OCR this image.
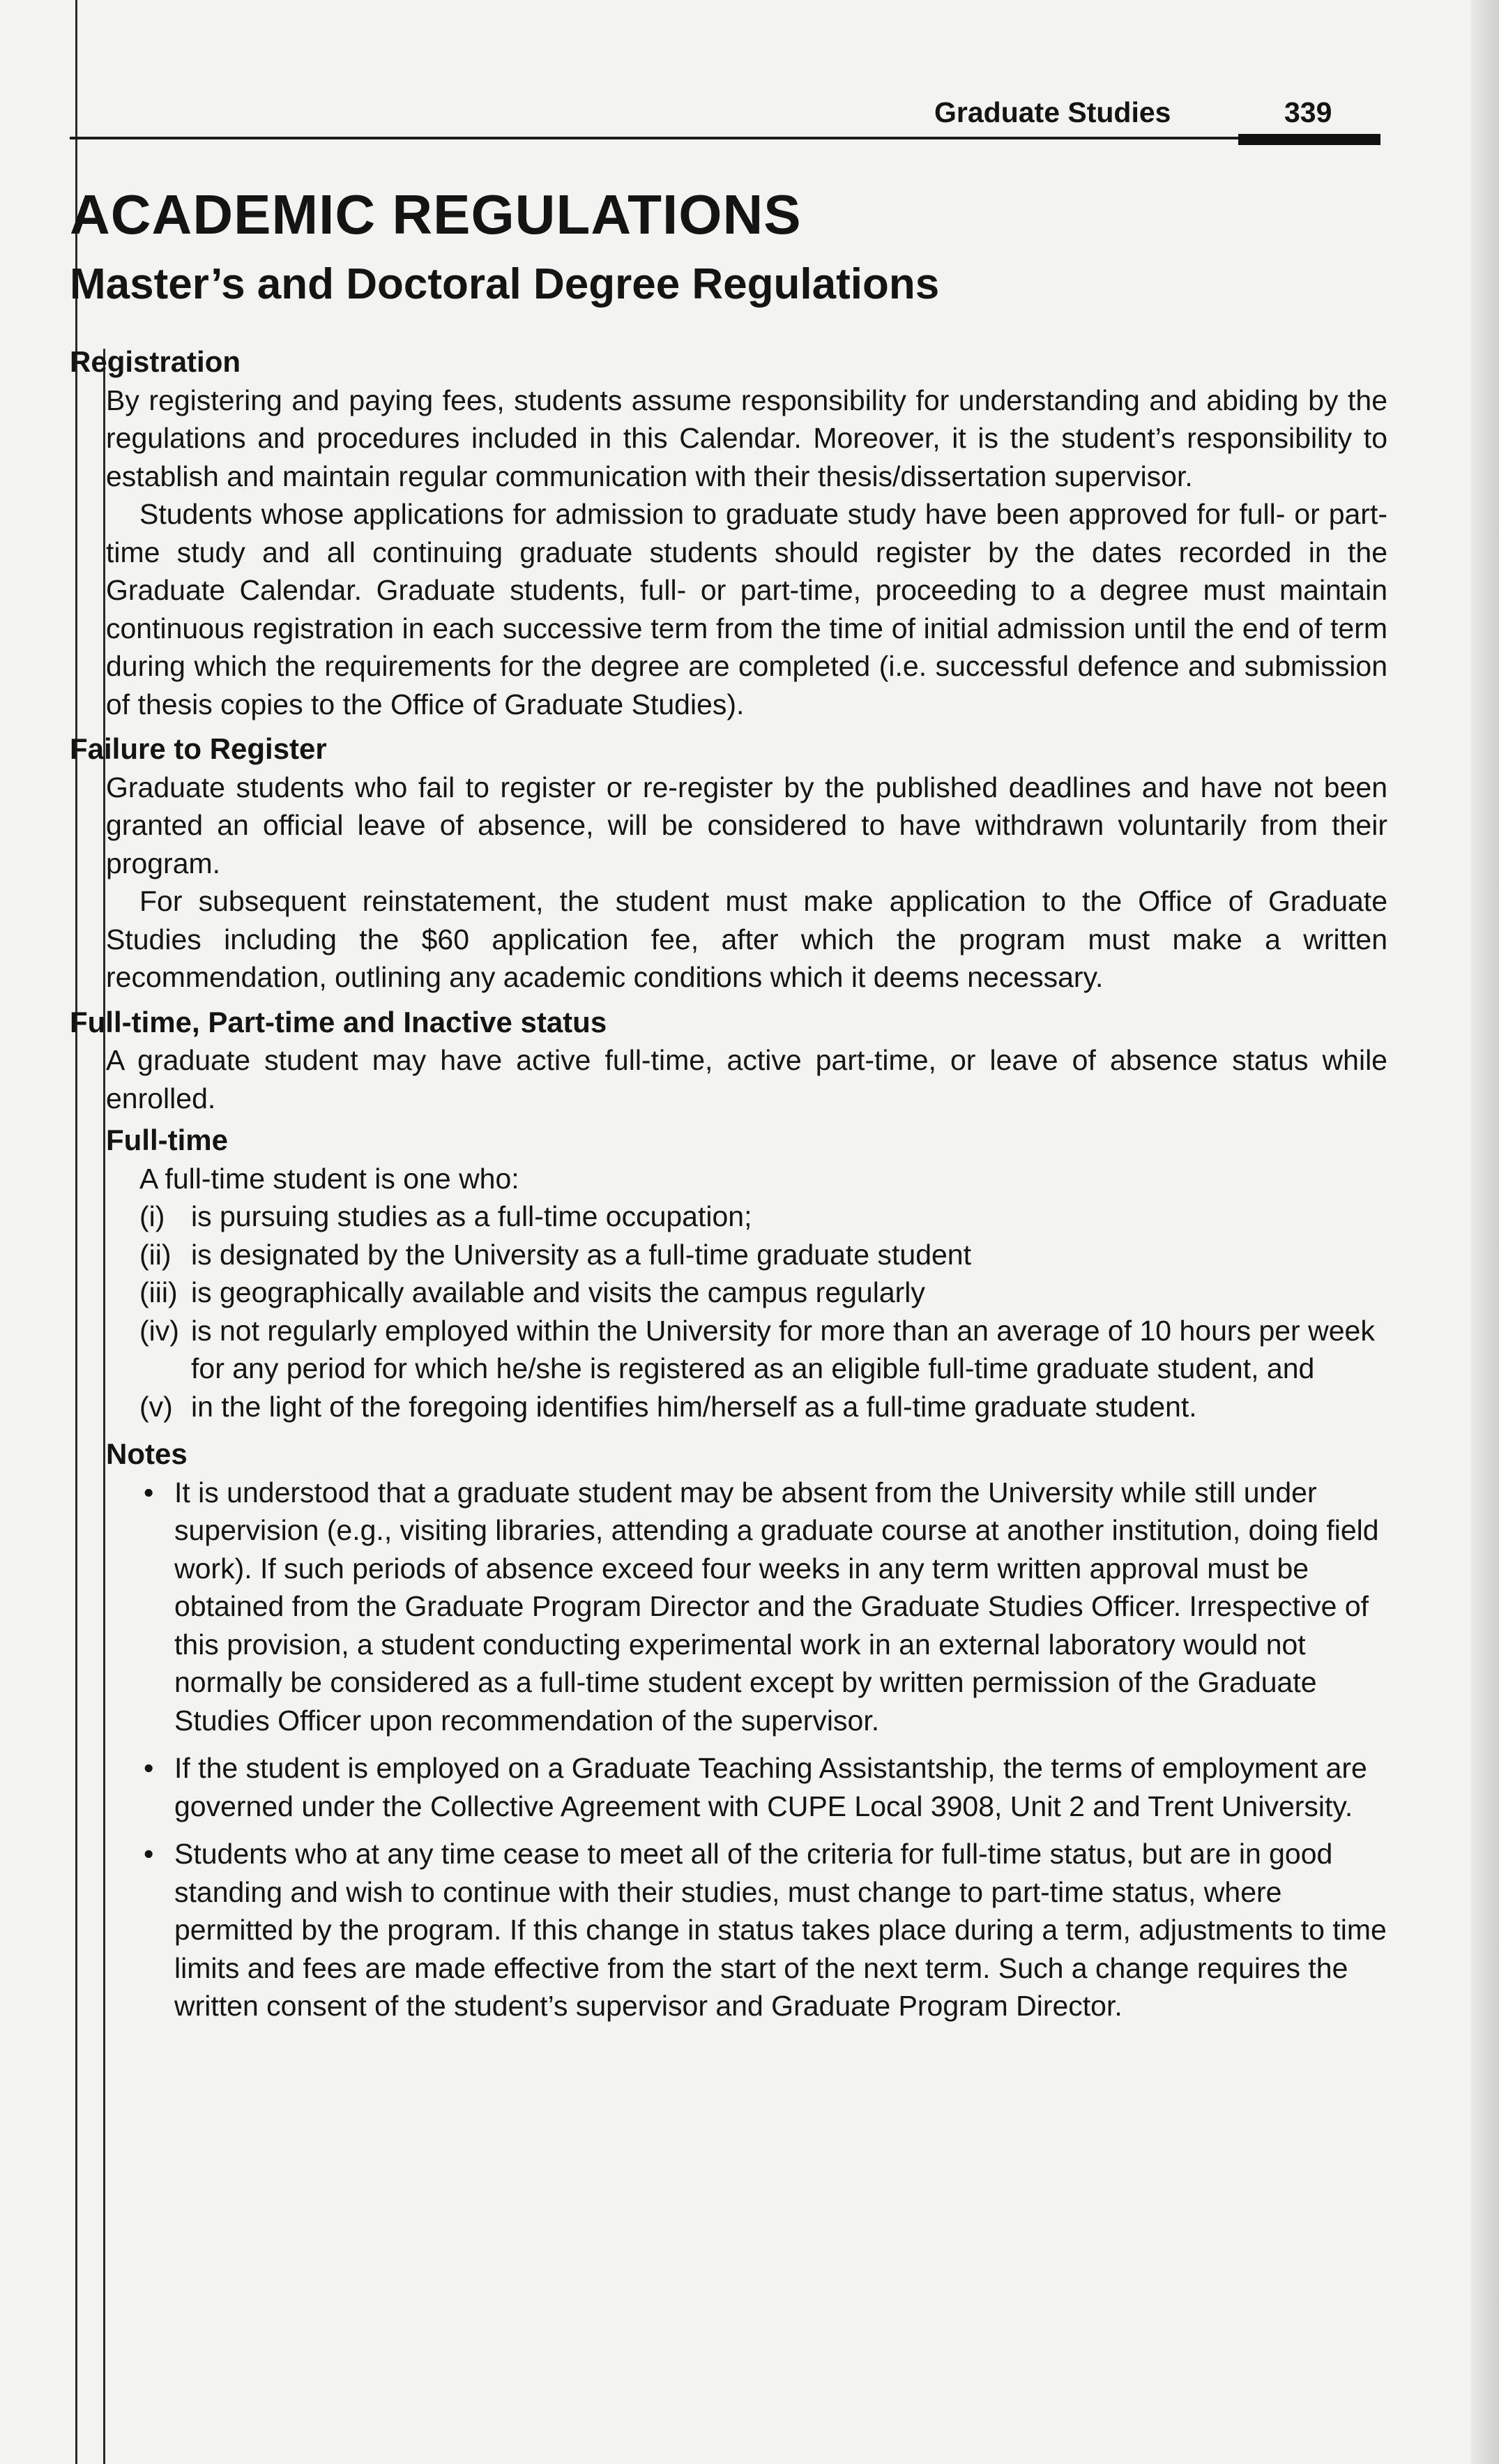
Graduate Studies	339
ACADEMIC REGULATIONS
Master’s and Doctoral Degree Regulations
Registration

By registering and paying fees, students assume responsibility for understanding and abiding by the regulations and procedures included in this Calendar. Moreover, it is the student’s responsibility to establish and maintain regular communication with their thesis/dissertation supervisor.

Students whose applications for admission to graduate study have been approved for full- or part-time study and all continuing graduate students should register by the dates recorded in the Graduate Calendar. Graduate students, full- or part-time, proceeding to a degree must maintain continuous registration in each successive term from the time of initial admission until the end of term during which the requirements for the degree are completed (i.e. successful defence and submission of thesis copies to the Office of Graduate Studies).

Failure to Register

Graduate students who fail to register or re-register by the published deadlines and have not been granted an official leave of absence, will be considered to have withdrawn voluntarily from their program.

For subsequent reinstatement, the student must make application to the Office of Graduate Studies including the $60 application fee, after which the program must make a written recommendation, outlining any academic conditions which it deems necessary.

Full-time, Part-time and Inactive status

A graduate student may have active full-time, active part-time, or leave of absence status while enrolled.

Full-time

A full-time student is one who:

(i) is pursuing studies as a full-time occupation;
(ii) is designated by the University as a full-time graduate student
(iii) is geographically available and visits the campus regularly
(iv) is not regularly employed within the University for more than an average of 10 hours per week for any period for which he/she is registered as an eligible full-time graduate student, and
(v) in the light of the foregoing identifies him/herself as a full-time graduate student.
Notes
• It is understood that a graduate student may be absent from the University while still under supervision (e.g., visiting libraries, attending a graduate course at another institution, doing field work). If such periods of absence exceed four weeks in any term written approval must be obtained from the Graduate Program Director and the Graduate Studies Officer. Irrespective of this provision, a student conducting experimental work in an external laboratory would not normally be considered as a full-time student except by written permission of the Graduate Studies Officer upon recommendation of the supervisor.
• If the student is employed on a Graduate Teaching Assistantship, the terms of employment are governed under the Collective Agreement with CUPE Local 3908, Unit 2 and Trent University.
• Students who at any time cease to meet all of the criteria for full-time status, but are in good standing and wish to continue with their studies, must change to part-time status, where permitted by the program. If this change in status takes place during a term, adjustments to time limits and fees are made effective from the start of the next term. Such a change requires the written consent of the student’s supervisor and Graduate Program Director.
